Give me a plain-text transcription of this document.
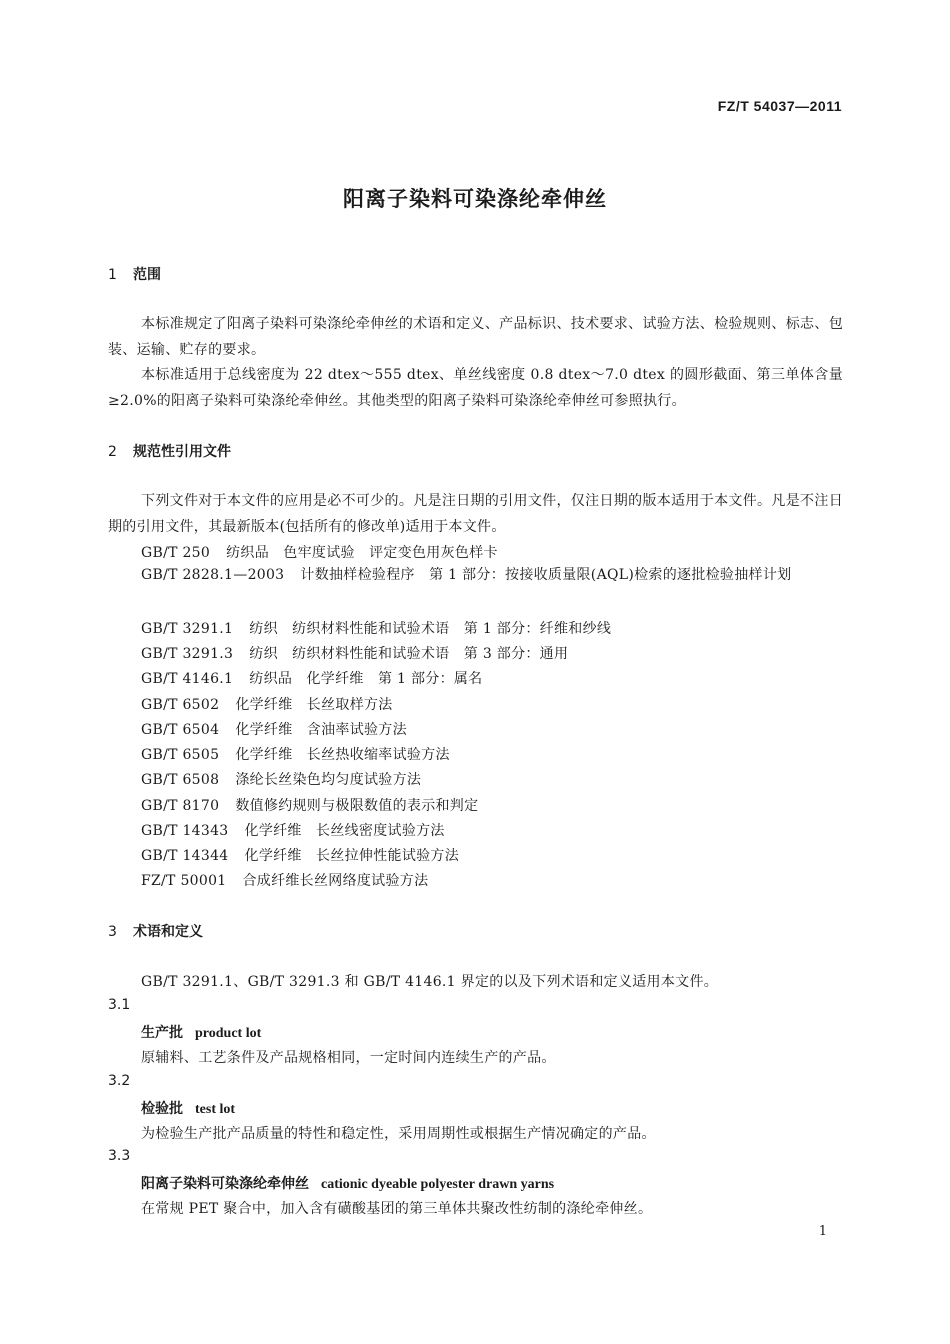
FZ/T 54037—2011
阳离子染料可染涤纶牵伸丝
1 范围
本标准规定了阳离子染料可染涤纶牵伸丝的术语和定义、产品标识、技术要求、试验方法、检验规则、标志、包装、运输、贮存的要求。
本标准适用于总线密度为 22 dtex～555 dtex、单丝线密度 0.8 dtex～7.0 dtex 的圆形截面、第三单体含量≥2.0%的阳离子染料可染涤纶牵伸丝。其他类型的阳离子染料可染涤纶牵伸丝可参照执行。
2 规范性引用文件
下列文件对于本文件的应用是必不可少的。凡是注日期的引用文件，仅注日期的版本适用于本文件。凡是不注日期的引用文件，其最新版本(包括所有的修改单)适用于本文件。
GB/T 250 纺织品　色牢度试验　评定变色用灰色样卡
GB/T 2828.1—2003 计数抽样检验程序　第 1 部分：按接收质量限(AQL)检索的逐批检验抽样计划
GB/T 3291.1 纺织　纺织材料性能和试验术语　第 1 部分：纤维和纱线
GB/T 3291.3 纺织　纺织材料性能和试验术语　第 3 部分：通用
GB/T 4146.1 纺织品　化学纤维　第 1 部分：属名
GB/T 6502 化学纤维　长丝取样方法
GB/T 6504 化学纤维　含油率试验方法
GB/T 6505 化学纤维　长丝热收缩率试验方法
GB/T 6508 涤纶长丝染色均匀度试验方法
GB/T 8170 数值修约规则与极限数值的表示和判定
GB/T 14343 化学纤维　长丝线密度试验方法
GB/T 14344 化学纤维　长丝拉伸性能试验方法
FZ/T 50001 合成纤维长丝网络度试验方法
3 术语和定义
GB/T 3291.1、GB/T 3291.3 和 GB/T 4146.1 界定的以及下列术语和定义适用本文件。
3.1
生产批 product lot
原辅料、工艺条件及产品规格相同，一定时间内连续生产的产品。
3.2
检验批 test lot
为检验生产批产品质量的特性和稳定性，采用周期性或根据生产情况确定的产品。
3.3
阳离子染料可染涤纶牵伸丝 cationic dyeable polyester drawn yarns
在常规 PET 聚合中，加入含有磺酸基团的第三单体共聚改性纺制的涤纶牵伸丝。
1
